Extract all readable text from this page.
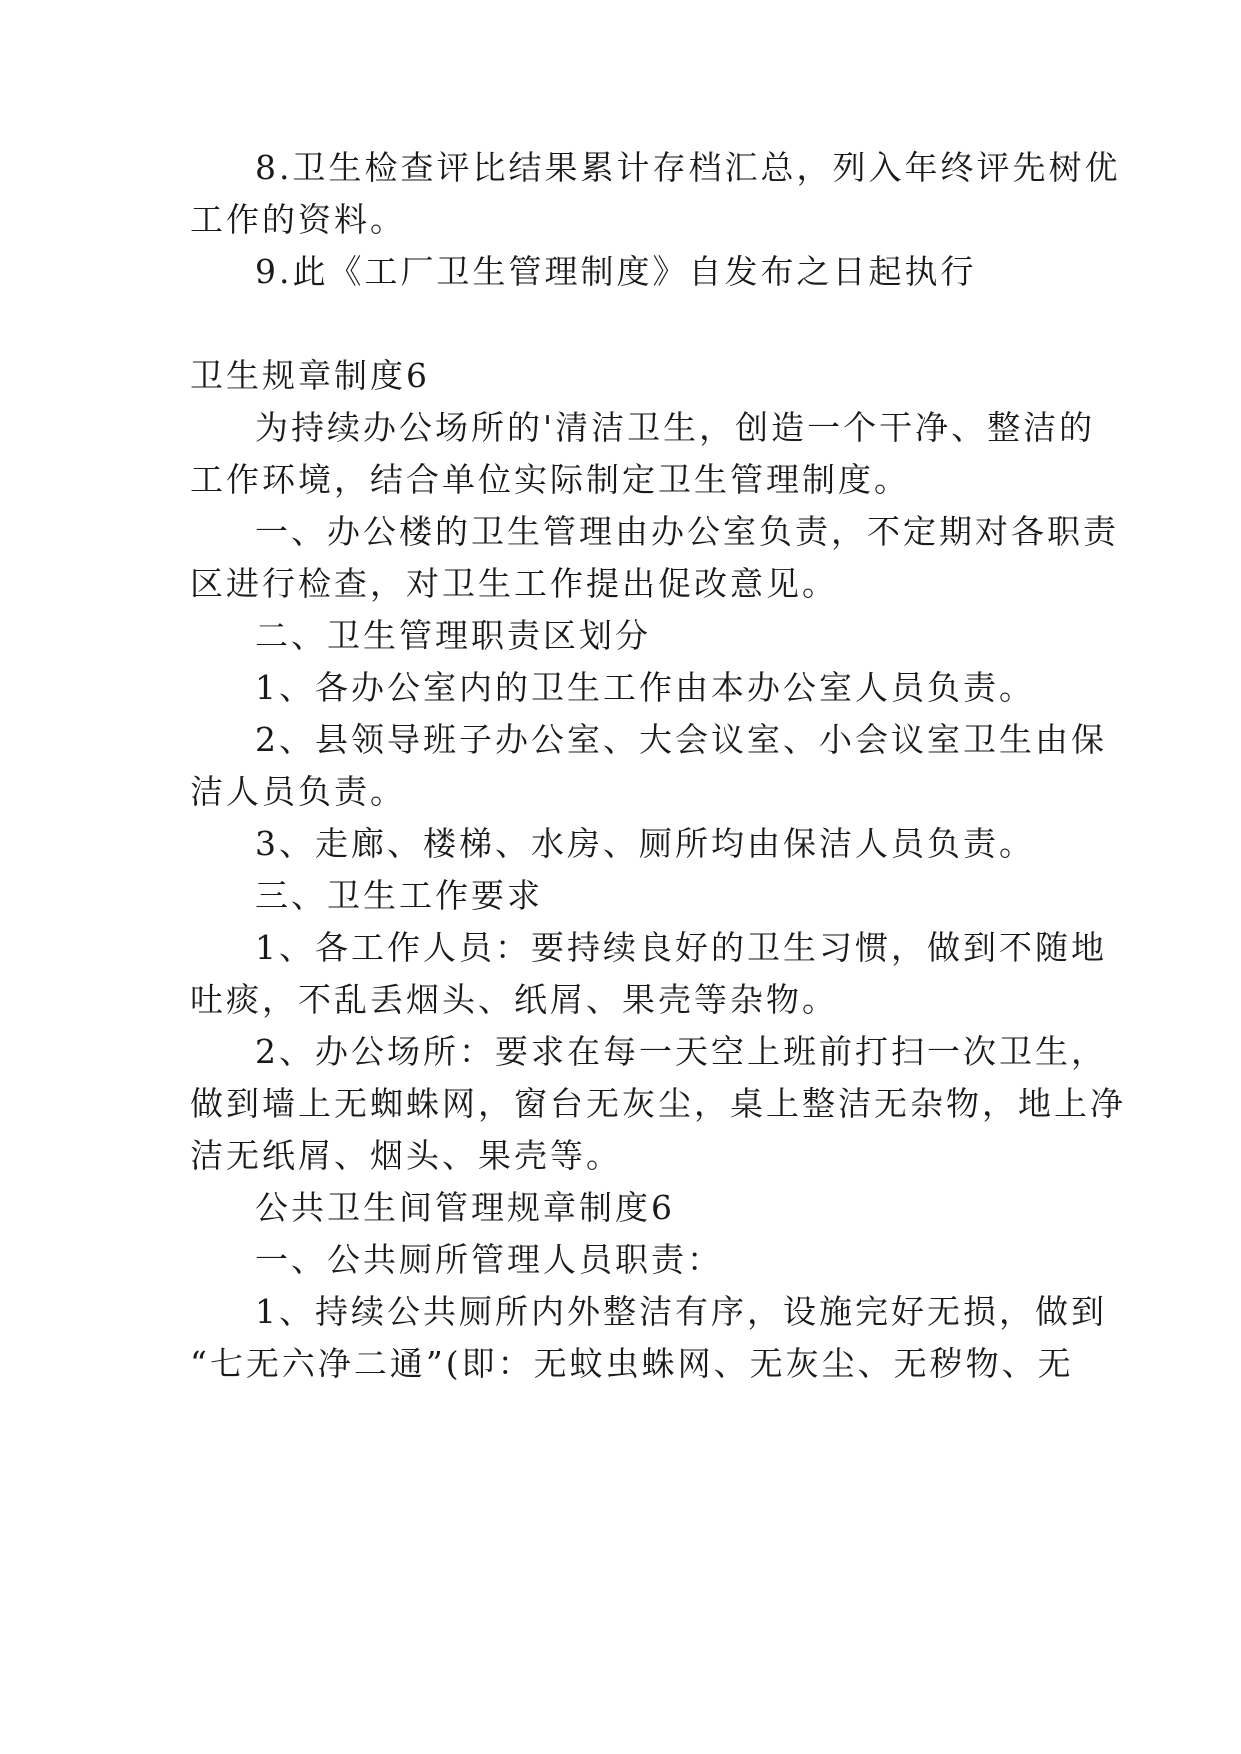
8.卫生检查评比结果累计存档汇总，列入年终评先树优
工作的资料。
9.此《工厂卫生管理制度》自发布之日起执行
卫生规章制度6
为持续办公场所的'清洁卫生，创造一个干净、整洁的
工作环境，结合单位实际制定卫生管理制度。
一、办公楼的卫生管理由办公室负责，不定期对各职责
区进行检查，对卫生工作提出促改意见。
二、卫生管理职责区划分
1、各办公室内的卫生工作由本办公室人员负责。
2、县领导班子办公室、大会议室、小会议室卫生由保
洁人员负责。
3、走廊、楼梯、水房、厕所均由保洁人员负责。
三、卫生工作要求
1、各工作人员：要持续良好的卫生习惯，做到不随地
吐痰，不乱丢烟头、纸屑、果壳等杂物。
2、办公场所：要求在每一天空上班前打扫一次卫生，
做到墙上无蜘蛛网，窗台无灰尘，桌上整洁无杂物，地上净
洁无纸屑、烟头、果壳等。
公共卫生间管理规章制度6
一、公共厕所管理人员职责：
1、持续公共厕所内外整洁有序，设施完好无损，做到
“七无六净二通”(即：无蚊虫蛛网、无灰尘、无秽物、无
